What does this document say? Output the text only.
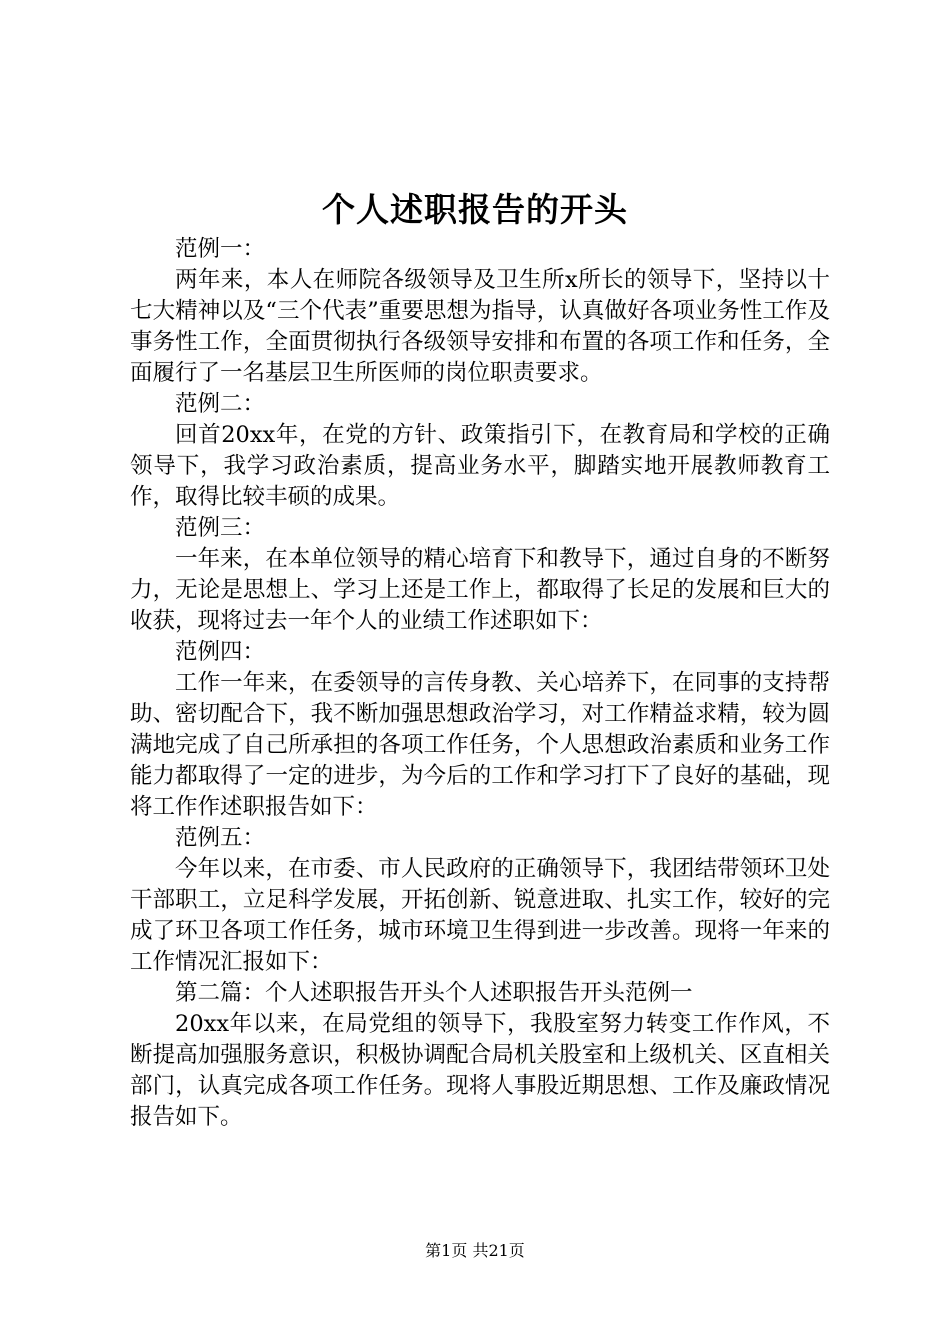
个人述职报告的开头

范例一：

两年来，本人在师院各级领导及卫生所x所长的领导下，坚持以十七大精神以及“三个代表”重要思想为指导，认真做好各项业务性工作及事务性工作，全面贯彻执行各级领导安排和布置的各项工作和任务，全面履行了一名基层卫生所医师的岗位职责要求。

范例二：

回首20xx年，在党的方针、政策指引下，在教育局和学校的正确领导下，我学习政治素质，提高业务水平，脚踏实地开展教师教育工作，取得比较丰硕的成果。

范例三：

一年来，在本单位领导的精心培育下和教导下，通过自身的不断努力，无论是思想上、学习上还是工作上，都取得了长足的发展和巨大的收获，现将过去一年个人的业绩工作述职如下：

范例四：

工作一年来，在委领导的言传身教、关心培养下，在同事的支持帮助、密切配合下，我不断加强思想政治学习，对工作精益求精，较为圆满地完成了自己所承担的各项工作任务，个人思想政治素质和业务工作能力都取得了一定的进步，为今后的工作和学习打下了良好的基础，现将工作作述职报告如下：

范例五：

今年以来，在市委、市人民政府的正确领导下，我团结带领环卫处干部职工，立足科学发展，开拓创新、锐意进取、扎实工作，较好的完成了环卫各项工作任务，城市环境卫生得到进一步改善。现将一年来的工作情况汇报如下：

第二篇：个人述职报告开头个人述职报告开头范例一

20xx年以来，在局党组的领导下，我股室努力转变工作作风，不断提高加强服务意识，积极协调配合局机关股室和上级机关、区直相关部门，认真完成各项工作任务。现将人事股近期思想、工作及廉政情况报告如下。

第1页 共21页
